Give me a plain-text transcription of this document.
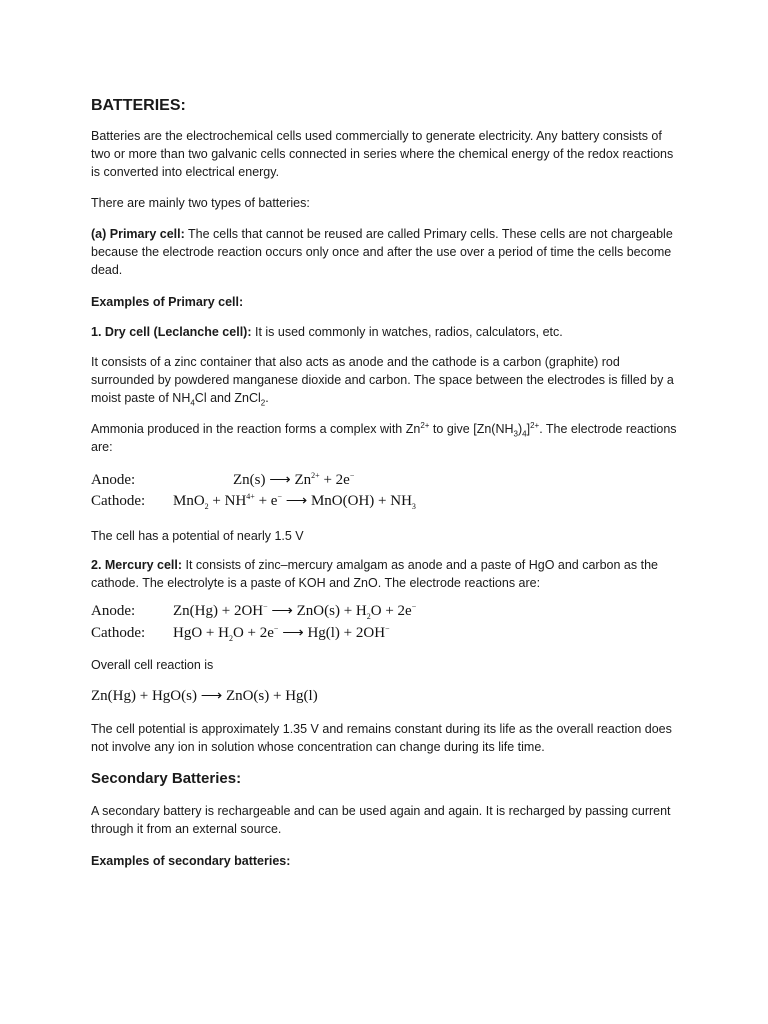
BATTERIES:

Batteries are the electrochemical cells used commercially to generate electricity. Any battery consists of two or more than two galvanic cells connected in series where the chemical energy of the redox reactions is converted into electrical energy.

There are mainly two types of batteries:

(a) Primary cell: The cells that cannot be reused are called Primary cells. These cells are not chargeable because the electrode reaction occurs only once and after the use over a period of time the cells become dead.

Examples of Primary cell:

1. Dry cell (Leclanche cell): It is used commonly in watches, radios, calculators, etc.

It consists of a zinc container that also acts as anode and the cathode is a carbon (graphite) rod surrounded by powdered manganese dioxide and carbon. The space between the electrodes is filled by a moist paste of $NH_4Cl$ and ZnCl$_2$.

Ammonia produced in the reaction forms a complex with $Zn^{2+}$ to give $[Zn(NH_3)_4]^{2+}$. The electrode reactions are:

Anode:	Zn(s) ⟶ $Zn^{2+} + 2e^-$
Cathode: $MnO_2 + NH^{4+} + e^-$ ⟶ $MnO(OH) + NH_3$

The cell has a potential of nearly 1.5 V

2. Mercury cell: It consists of zinc–mercury amalgam as anode and a paste of HgO and carbon as the cathode. The electrolyte is a paste of KOH and ZnO. The electrode reactions are:

Anode:	Zn(Hg) + 2OH− ⟶ $ZnO(s) + H_2O + 2e^-$
Cathode: HgO + $H_2O + 2e^-$ ⟶ Hg(l) + 2OH−

Overall cell reaction is

Zn(Hg) + HgO(s) ⟶ ZnO(s) + Hg(l)

The cell potential is approximately 1.35 V and remains constant during its life as the overall reaction does not involve any ion in solution whose concentration can change during its life time.

Secondary Batteries:

A secondary battery is rechargeable and can be used again and again. It is recharged by passing current through it from an external source.

Examples of secondary batteries:
